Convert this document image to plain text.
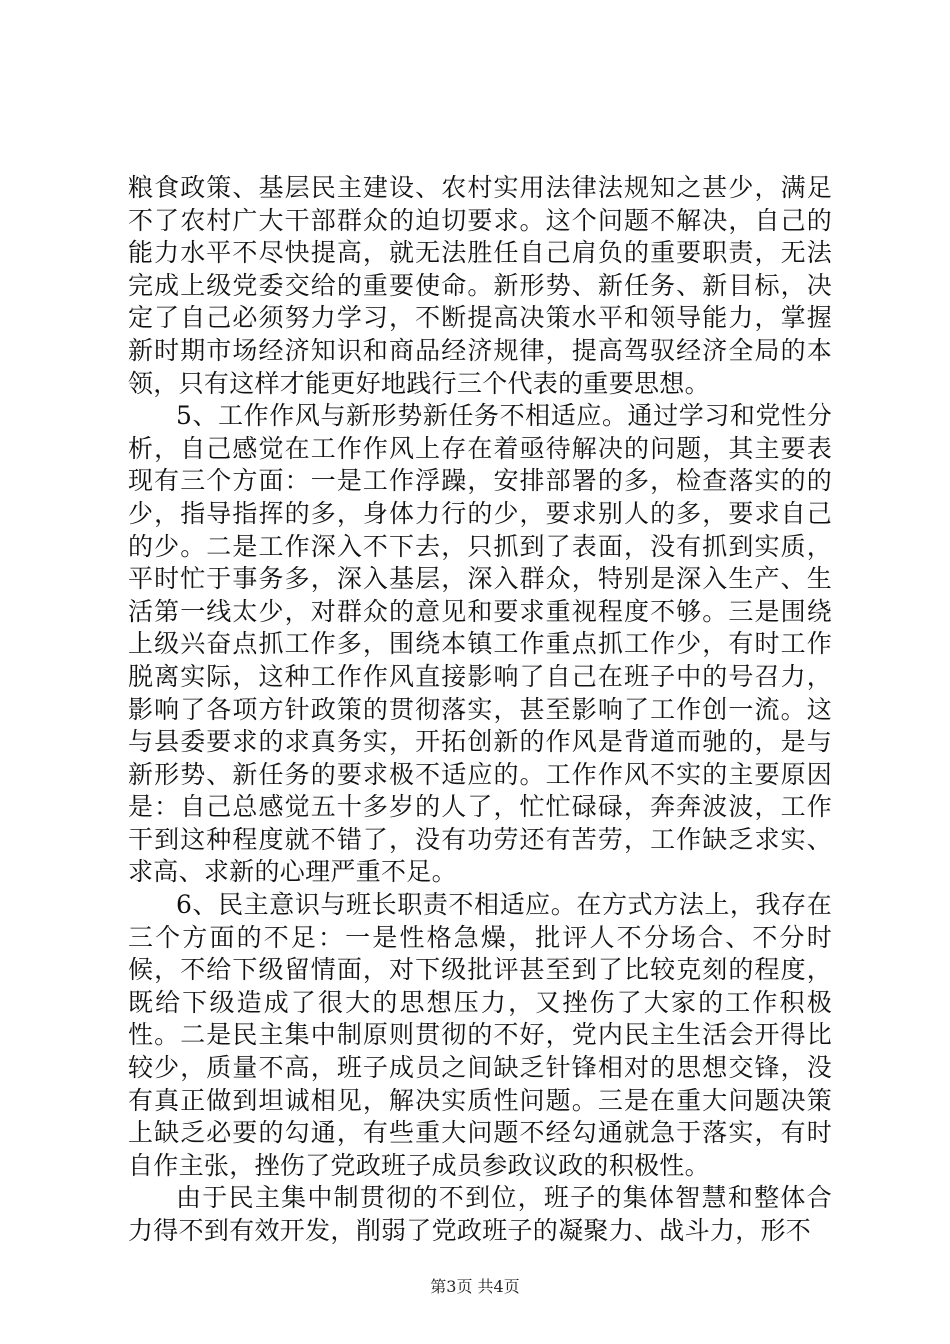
粮食政策、基层民主建设、农村实用法律法规知之甚少，满足不了农村广大干部群众的迫切要求。这个问题不解决，自己的能力水平不尽快提高，就无法胜任自己肩负的重要职责，无法完成上级党委交给的重要使命。新形势、新任务、新目标，决定了自己必须努力学习，不断提高决策水平和领导能力，掌握新时期市场经济知识和商品经济规律，提高驾驭经济全局的本领，只有这样才能更好地践行三个代表的重要思想。

5、工作作风与新形势新任务不相适应。通过学习和党性分析，自己感觉在工作作风上存在着亟待解决的问题，其主要表现有三个方面：一是工作浮躁，安排部署的多，检查落实的的少，指导指挥的多，身体力行的少，要求别人的多，要求自己的少。二是工作深入不下去，只抓到了表面，没有抓到实质，平时忙于事务多，深入基层，深入群众，特别是深入生产、生活第一线太少，对群众的意见和要求重视程度不够。三是围绕上级兴奋点抓工作多，围绕本镇工作重点抓工作少，有时工作脱离实际，这种工作作风直接影响了自己在班子中的号召力，影响了各项方针政策的贯彻落实，甚至影响了工作创一流。这与县委要求的求真务实，开拓创新的作风是背道而驰的，是与新形势、新任务的要求极不适应的。工作作风不实的主要原因是：自己总感觉五十多岁的人了，忙忙碌碌，奔奔波波，工作干到这种程度就不错了，没有功劳还有苦劳，工作缺乏求实、求高、求新的心理严重不足。

6、民主意识与班长职责不相适应。在方式方法上，我存在三个方面的不足：一是性格急燥，批评人不分场合、不分时候，不给下级留情面，对下级批评甚至到了比较克刻的程度，既给下级造成了很大的思想压力，又挫伤了大家的工作积极性。二是民主集中制原则贯彻的不好，党内民主生活会开得比较少，质量不高，班子成员之间缺乏针锋相对的思想交锋，没有真正做到坦诚相见，解决实质性问题。三是在重大问题决策上缺乏必要的勾通，有些重大问题不经勾通就急于落实，有时自作主张，挫伤了党政班子成员参政议政的积极性。

由于民主集中制贯彻的不到位，班子的集体智慧和整体合力得不到有效开发，削弱了党政班子的凝聚力、战斗力，形不

第3页 共4页
